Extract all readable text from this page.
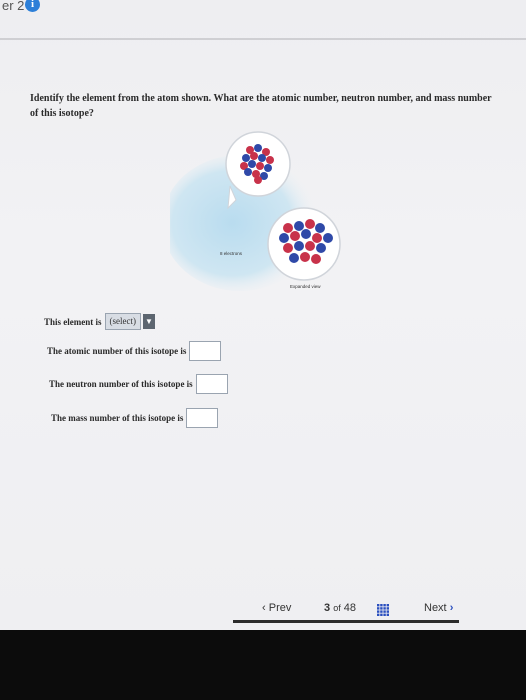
er 2 i
Identify the element from the atom shown. What are the atomic number, neutron number, and mass number of this isotope?
8 electrons
Expanded view
This element is (select)	▼
The atomic number of this isotope is
The neutron number of this isotope is
The mass number of this isotope is
‹ Prev	3 of 48	Next ›
